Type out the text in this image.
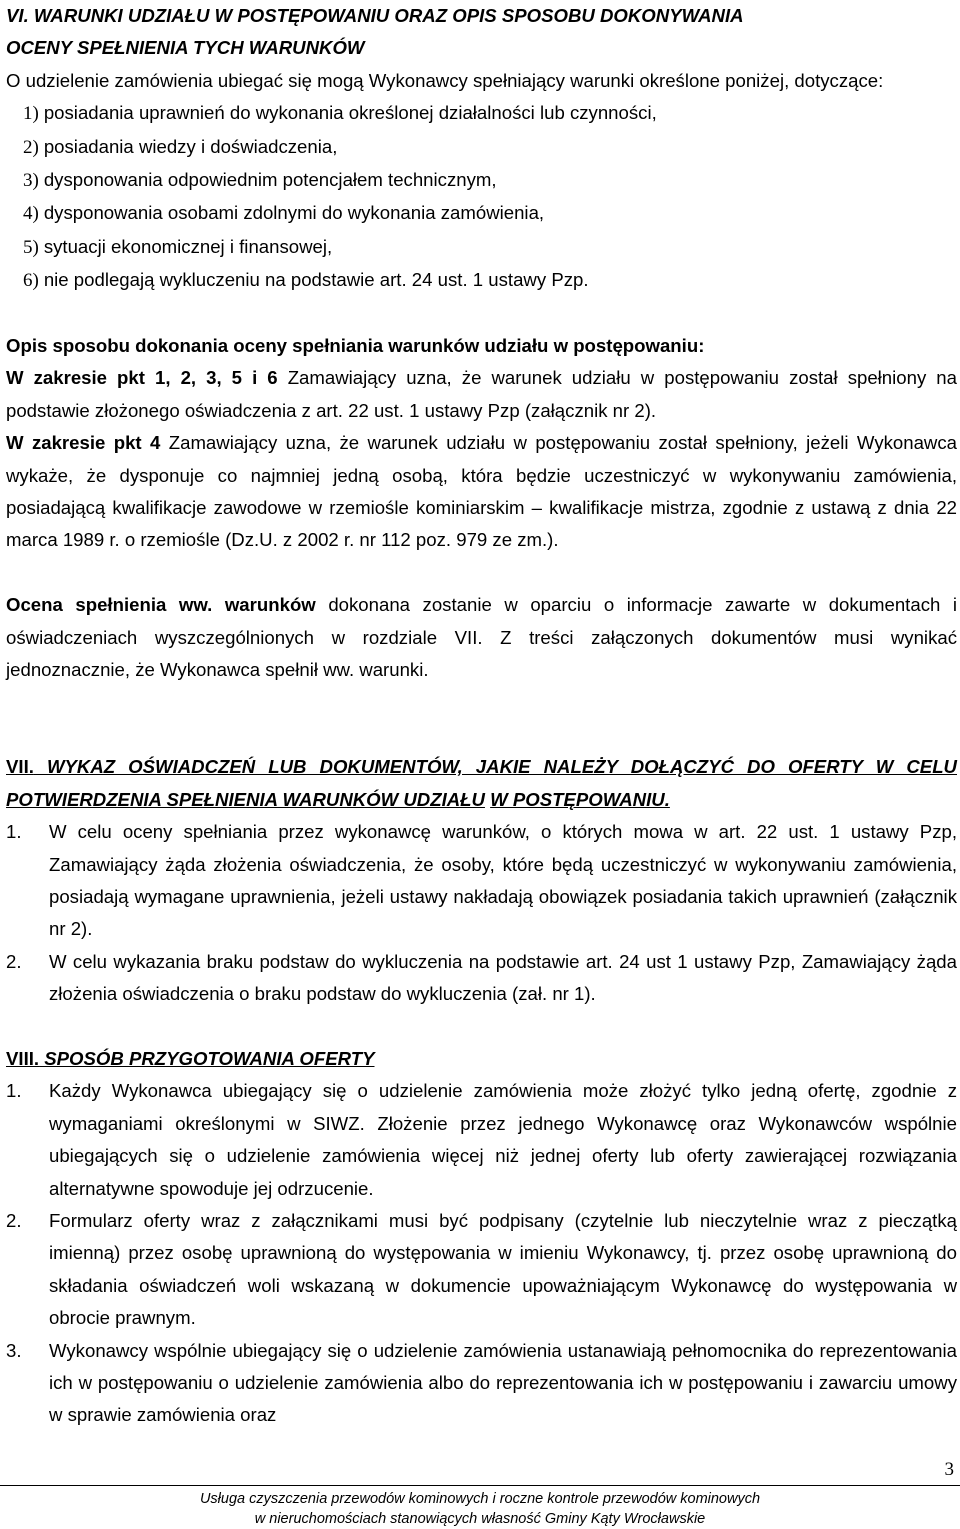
VI. WARUNKI UDZIAŁU W POSTĘPOWANIU ORAZ OPIS SPOSOBU DOKONYWANIA
OCENY SPEŁNIENIA TYCH WARUNKÓW

O udzielenie zamówienia ubiegać się mogą Wykonawcy spełniający warunki określone poniżej, dotyczące:

1) posiadania uprawnień do wykonania określonej działalności lub czynności,
2) posiadania wiedzy i doświadczenia,
3) dysponowania odpowiednim potencjałem technicznym,
4) dysponowania osobami zdolnymi do wykonania zamówienia,
5) sytuacji ekonomicznej i finansowej,
6) nie podlegają wykluczeniu na podstawie art. 24 ust. 1 ustawy Pzp.

Opis sposobu dokonania oceny spełniania warunków udziału w postępowaniu:

W zakresie pkt 1, 2, 3, 5 i 6 Zamawiający uzna, że warunek udziału w postępowaniu został spełniony na podstawie złożonego oświadczenia z art. 22 ust. 1 ustawy Pzp (załącznik nr 2).

W zakresie pkt 4 Zamawiający uzna, że warunek udziału w postępowaniu został spełniony, jeżeli Wykonawca wykaże, że dysponuje co najmniej jedną osobą, która będzie uczestniczyć w wykonywaniu zamówienia, posiadającą kwalifikacje zawodowe w rzemiośle kominiarskim – kwalifikacje mistrza, zgodnie z ustawą z dnia 22 marca 1989 r. o rzemiośle (Dz.U. z 2002 r. nr 112 poz. 979 ze zm.).

Ocena spełnienia ww. warunków dokonana zostanie w oparciu o informacje zawarte w dokumentach i oświadczeniach wyszczególnionych w rozdziale VII. Z treści załączonych dokumentów musi wynikać jednoznacznie, że Wykonawca spełnił ww. warunki.

VII. WYKAZ OŚWIADCZEŃ LUB DOKUMENTÓW, JAKIE NALEŻY DOŁĄCZYĆ DO OFERTY W CELU POTWIERDZENIA SPEŁNIENIA WARUNKÓW UDZIAŁU W POSTĘPOWANIU.

1. W celu oceny spełniania przez wykonawcę warunków, o których mowa w art. 22 ust. 1 ustawy Pzp, Zamawiający żąda złożenia oświadczenia, że osoby, które będą uczestniczyć w wykonywaniu zamówienia, posiadają wymagane uprawnienia, jeżeli ustawy nakładają obowiązek posiadania takich uprawnień (załącznik nr 2).
2. W celu wykazania braku podstaw do wykluczenia na podstawie art. 24 ust 1 ustawy Pzp, Zamawiający żąda złożenia oświadczenia o braku podstaw do wykluczenia (zał. nr 1).

VIII. SPOSÓB PRZYGOTOWANIA OFERTY

1. Każdy Wykonawca ubiegający się o udzielenie zamówienia może złożyć tylko jedną ofertę, zgodnie z wymaganiami określonymi w SIWZ. Złożenie przez jednego Wykonawcę oraz Wykonawców wspólnie ubiegających się o udzielenie zamówienia więcej niż jednej oferty lub oferty zawierającej rozwiązania alternatywne spowoduje jej odrzucenie.
2. Formularz oferty wraz z załącznikami musi być podpisany (czytelnie lub nieczytelnie wraz z pieczątką imienną) przez osobę uprawnioną do występowania w imieniu Wykonawcy, tj. przez osobę uprawnioną do składania oświadczeń woli wskazaną w dokumencie upoważniającym Wykonawcę do występowania w obrocie prawnym.
3. Wykonawcy wspólnie ubiegający się o udzielenie zamówienia ustanawiają pełnomocnika do reprezentowania ich w postępowaniu o udzielenie zamówienia albo do reprezentowania ich w postępowaniu i zawarciu umowy w sprawie zamówienia oraz
3
Usługa czyszczenia przewodów kominowych i roczne kontrole przewodów kominowych
w nieruchomościach stanowiących własność Gminy Kąty Wrocławskie
